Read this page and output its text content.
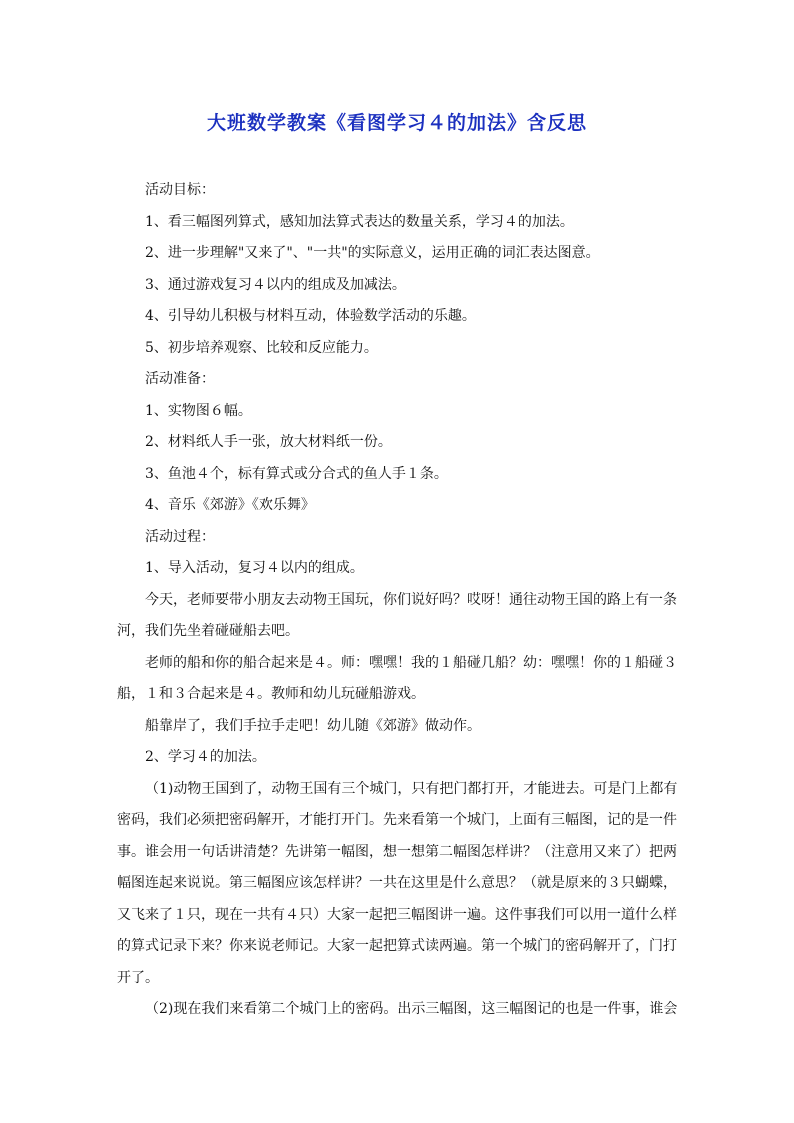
大班数学教案《看图学习４的加法》含反思

活动目标：

1、看三幅图列算式，感知加法算式表达的数量关系，学习４的加法。

2、进一步理解"又来了"、"一共"的实际意义，运用正确的词汇表达图意。

3、通过游戏复习４以内的组成及加减法。

4、引导幼儿积极与材料互动，体验数学活动的乐趣。

5、初步培养观察、比较和反应能力。

活动准备：

1、实物图６幅。

2、材料纸人手一张，放大材料纸一份。

3、鱼池４个，标有算式或分合式的鱼人手１条。

4、音乐《郊游》《欢乐舞》

活动过程：

1、导入活动，复习４以内的组成。

今天，老师要带小朋友去动物王国玩，你们说好吗？哎呀！通往动物王国的路上有一条河，我们先坐着碰碰船去吧。

老师的船和你的船合起来是４。师：嘿嘿！我的１船碰几船？幼：嘿嘿！你的１船碰３船，１和３合起来是４。教师和幼儿玩碰船游戏。

船靠岸了，我们手拉手走吧！幼儿随《郊游》做动作。

2、学习４的加法。

（1)动物王国到了，动物王国有三个城门，只有把门都打开，才能进去。可是门上都有密码，我们必须把密码解开，才能打开门。先来看第一个城门，上面有三幅图，记的是一件事。谁会用一句话讲清楚？先讲第一幅图，想一想第二幅图怎样讲？（注意用又来了）把两幅图连起来说说。第三幅图应该怎样讲？一共在这里是什么意思？（就是原来的３只蝴蝶，又飞来了１只，现在一共有４只）大家一起把三幅图讲一遍。这件事我们可以用一道什么样的算式记录下来？你来说老师记。大家一起把算式读两遍。第一个城门的密码解开了，门打开了。

（2)现在我们来看第二个城门上的密码。出示三幅图，这三幅图记的也是一件事，谁会
